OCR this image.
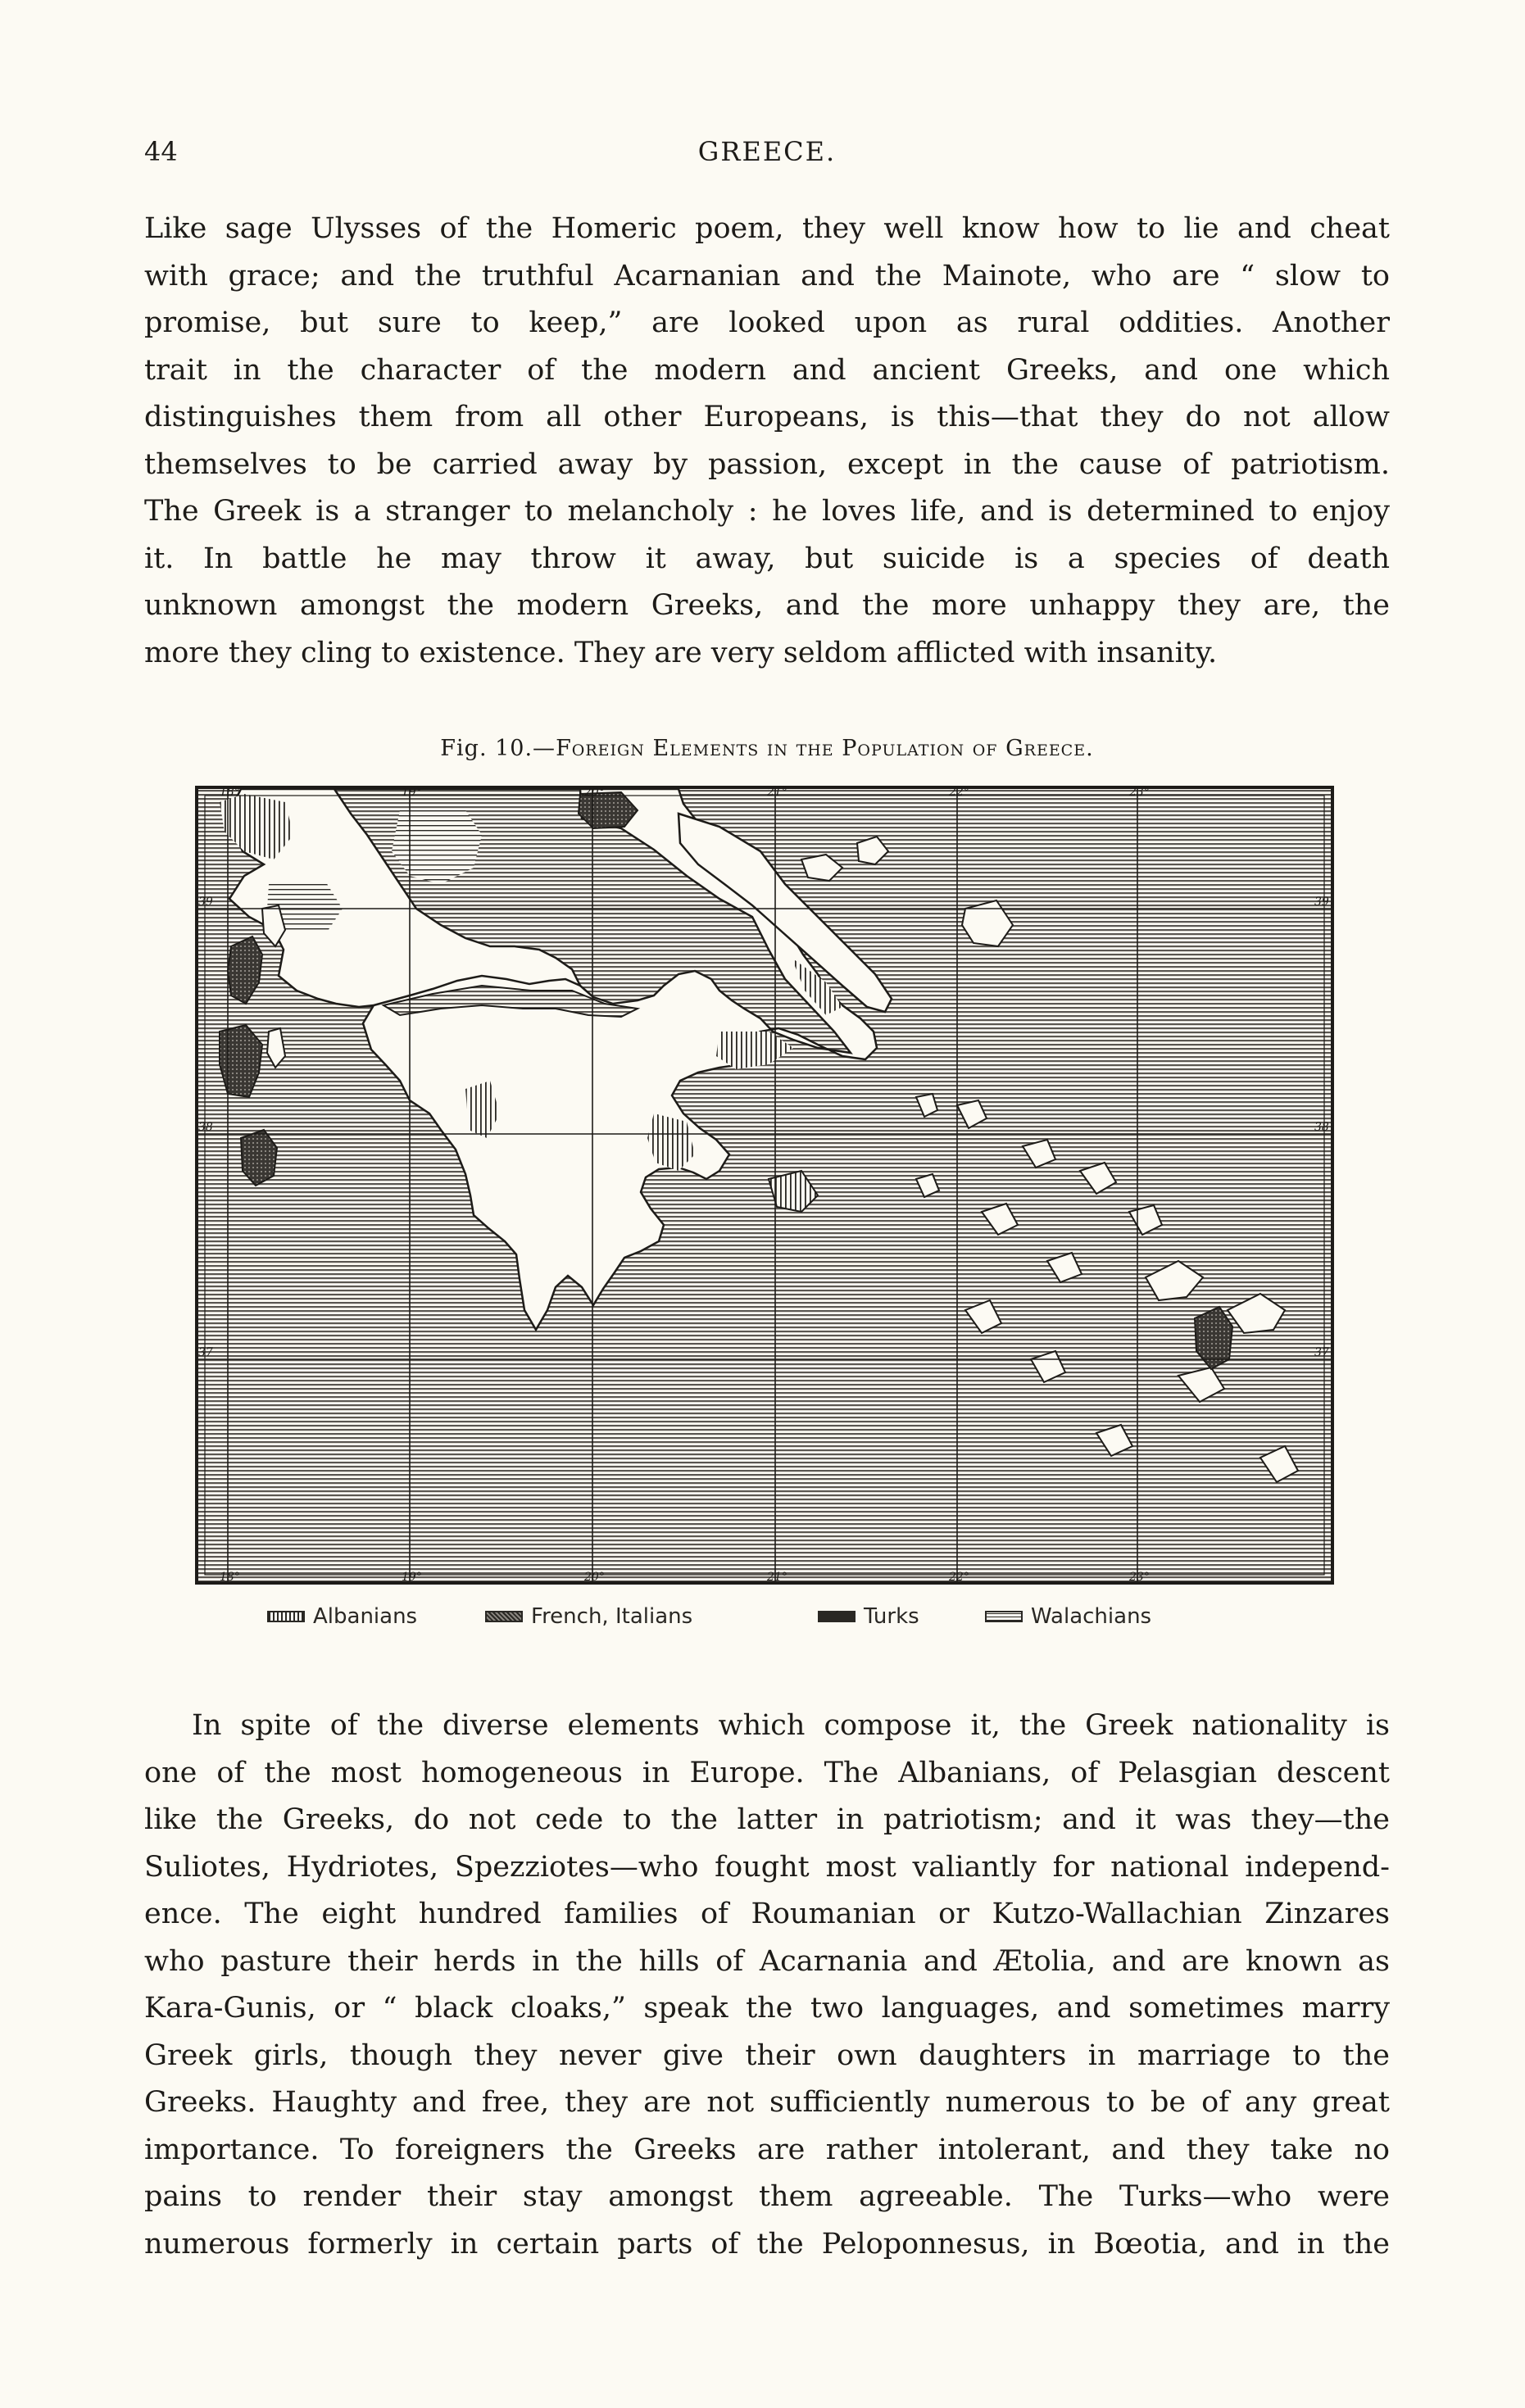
44	GREECE.
Like sage Ulysses of the Homeric poem, they well know how to lie and cheat
with grace; and the truthful Acarnanian and the Mainote, who are “ slow to
promise, but sure to keep,” are looked upon as rural oddities. Another
trait in the character of the modern and ancient Greeks, and one which
distinguishes them from all other Europeans, is this—that they do not allow
themselves to be carried away by passion, except in the cause of patriotism.
The Greek is a stranger to melancholy : he loves life, and is determined to enjoy
it. In battle he may throw it away, but suicide is a species of death
unknown amongst the modern Greeks, and the more unhappy they are, the
more they cling to existence. They are very seldom afflicted with insanity.
Fig. 10.—Foreign Elements in the Population of Greece.
18°	19°	20°	21°	22°	23°
18°	19°	20°	21°	22°	23°
39
38
37
39
38
37
Albanians	French, Italians	Turks	Walachians
In spite of the diverse elements which compose it, the Greek nationality is
one of the most homogeneous in Europe. The Albanians, of Pelasgian descent
like the Greeks, do not cede to the latter in patriotism; and it was they—the
Suliotes, Hydriotes, Spezziotes—who fought most valiantly for national independ-
ence. The eight hundred families of Roumanian or Kutzo-Wallachian Zinzares
who pasture their herds in the hills of Acarnania and Ætolia, and are known as
Kara-Gunis, or “ black cloaks,” speak the two languages, and sometimes marry
Greek girls, though they never give their own daughters in marriage to the
Greeks. Haughty and free, they are not sufficiently numerous to be of any great
importance. To foreigners the Greeks are rather intolerant, and they take no
pains to render their stay amongst them agreeable. The Turks—who were
numerous formerly in certain parts of the Peloponnesus, in Bœotia, and in the
